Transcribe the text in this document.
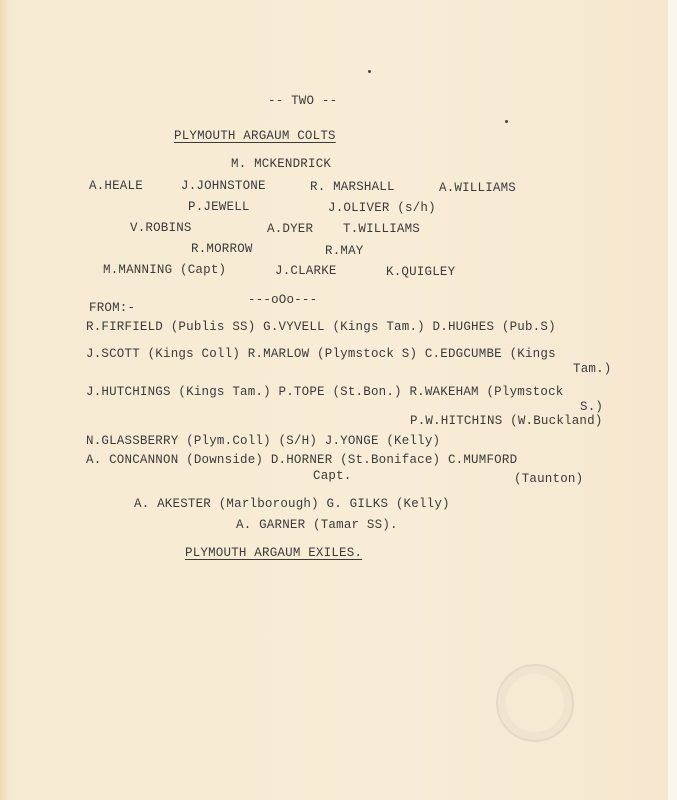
-- TWO --
PLYMOUTH ARGAUM COLTS
M. MCKENDRICK
A.HEALE	J.JOHNSTONE	R. MARSHALL	A.WILLIAMS
P.JEWELL	J.OLIVER (s/h)
V.ROBINS	A.DYER T.WILLIAMS
R.MORROW	R.MAY
M.MANNING (Capt)	J.CLARKE	K.QUIGLEY
---oOo---
FROM:-
R.FIRFIELD (Publis SS) G.VYVELL (Kings Tam.) D.HUGHES (Pub.S)
J.SCOTT (Kings Coll) R.MARLOW (Plymstock S) C.EDGCUMBE (Kings
Tam.)
J.HUTCHINGS (Kings Tam.) P.TOPE (St.Bon.) R.WAKEHAM (Plymstock
S.)
P.W.HITCHINS (W.Buckland)
N.GLASSBERRY (Plym.Coll) (S/H) J.YONGE (Kelly)
A. CONCANNON (Downside) D.HORNER (St.Boniface) C.MUMFORD
Capt.	(Taunton)
A. AKESTER (Marlborough) G. GILKS (Kelly)
A. GARNER (Tamar SS).
PLYMOUTH ARGAUM EXILES.
